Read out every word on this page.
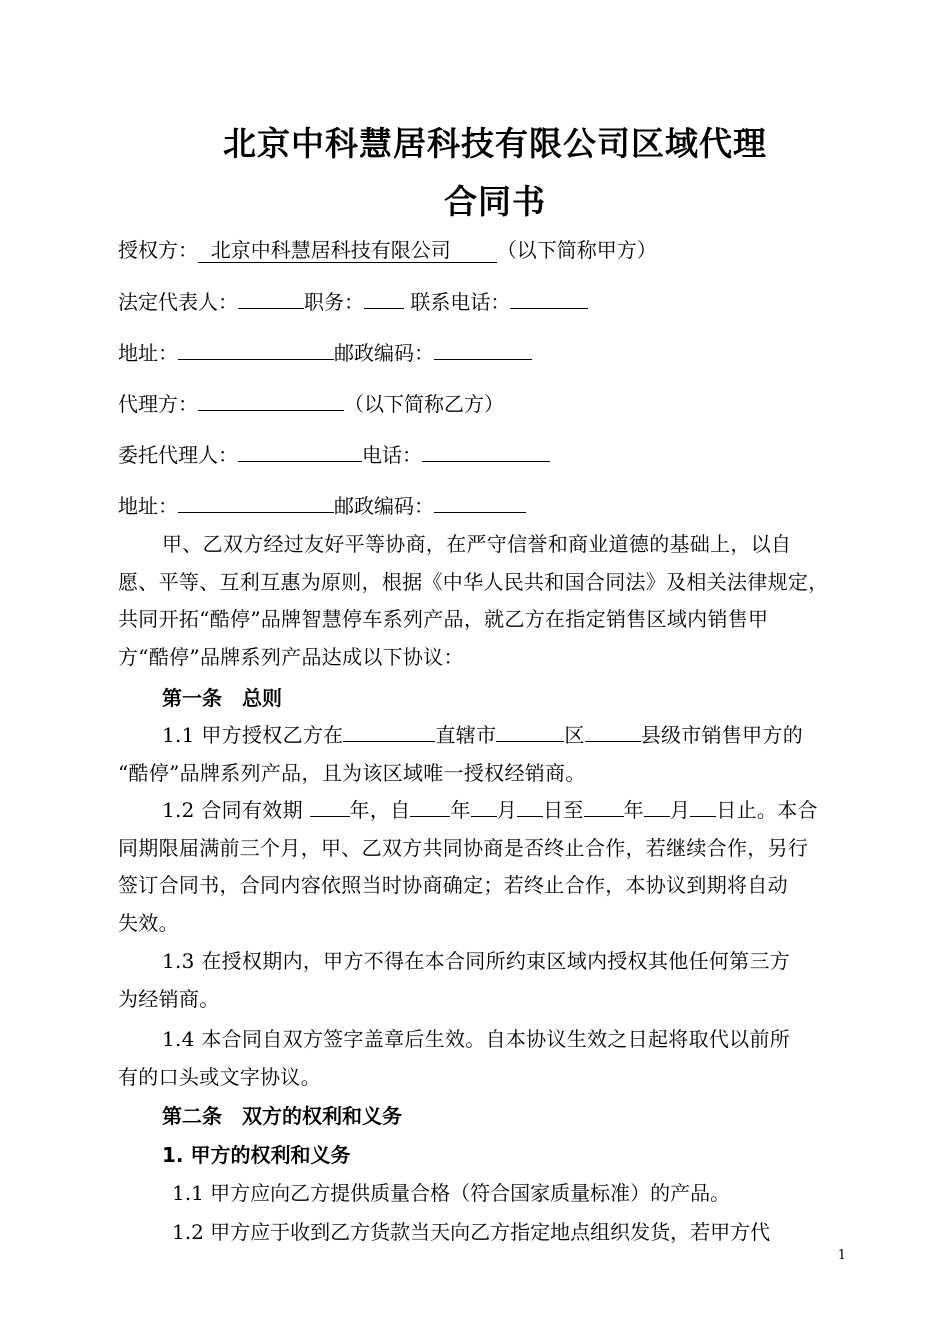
北京中科慧居科技有限公司区域代理
合同书
授权方： 北京中科慧居科技有限公司 （以下简称甲方）
法定代表人：	职务： 联系电话：
地址：	邮政编码：
代理方：	（以下简称乙方）
委托代理人：	电话：
地址：	邮政编码：
甲、乙双方经过友好平等协商，在严守信誉和商业道德的基础上，以自
愿、平等、互利互惠为原则，根据《中华人民共和国合同法》及相关法律规定，
共同开拓“酷停”品牌智慧停车系列产品，就乙方在指定销售区域内销售甲
方“酷停”品牌系列产品达成以下协议：
第一条　总则
1.1 甲方授权乙方在	直辖市	区	县级市销售甲方的
“酷停”品牌系列产品，且为该区域唯一授权经销商。
1.2 合同有效期 年，自 年 月 日至 年 月 日止。本合
同期限届满前三个月，甲、乙双方共同协商是否终止合作，若继续合作，另行
签订合同书，合同内容依照当时协商确定；若终止合作，本协议到期将自动
失效。
1.3 在授权期内，甲方不得在本合同所约束区域内授权其他任何第三方
为经销商。
1.4 本合同自双方签字盖章后生效。自本协议生效之日起将取代以前所
有的口头或文字协议。
第二条　双方的权利和义务
1. 甲方的权利和义务
1.1 甲方应向乙方提供质量合格（符合国家质量标准）的产品。
1.2 甲方应于收到乙方货款当天向乙方指定地点组织发货，若甲方代
1
